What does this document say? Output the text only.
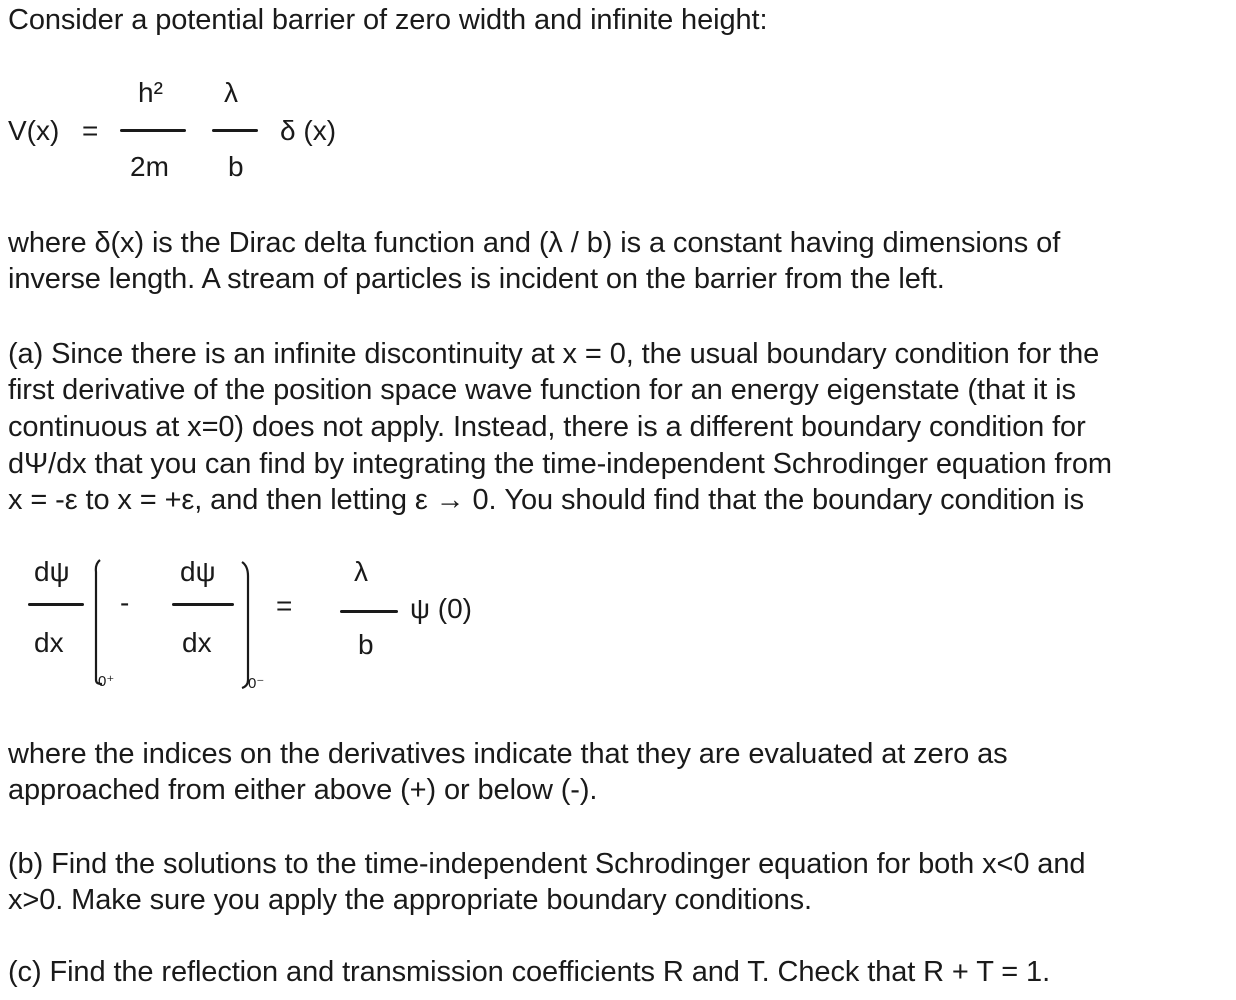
Consider a potential barrier of zero width and infinite height:
V(x) =
h²
2m
λ
b
δ (x)
where δ(x) is the Dirac delta function and (λ / b) is a constant having dimensions of
inverse length. A stream of particles is incident on the barrier from the left.
(a) Since there is an infinite discontinuity at x = 0, the usual boundary condition for the
first derivative of the position space wave function for an energy eigenstate (that it is
continuous at x=0) does not apply. Instead, there is a different boundary condition for
dΨ/dx that you can find by integrating the time-independent Schrodinger equation from
x = -ε to x = +ε, and then letting ε → 0. You should find that the boundary condition is
dψ
dx
0⁺
-
dψ
dx
0⁻
=
λ
b
ψ (0)
where the indices on the derivatives indicate that they are evaluated at zero as
approached from either above (+) or below (-).
(b) Find the solutions to the time-independent Schrodinger equation for both x<0 and
x>0. Make sure you apply the appropriate boundary conditions.
(c) Find the reflection and transmission coefficients R and T. Check that R + T = 1.
